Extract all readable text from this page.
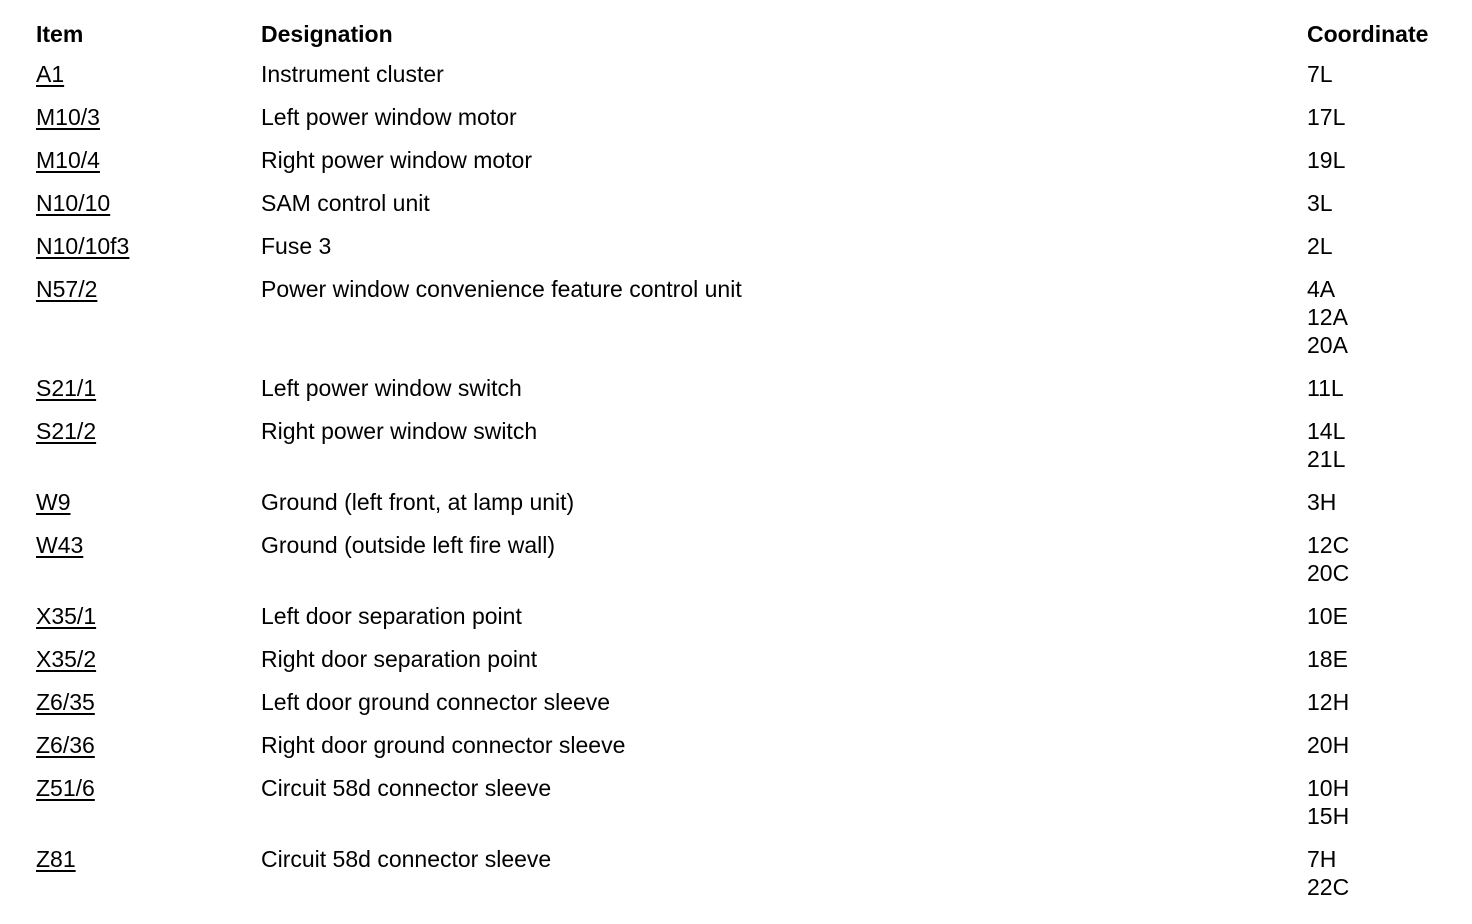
Item	Designation	Coordinate
A1	Instrument cluster	7L

M10/3	Left power window motor	17L

M10/4	Right power window motor	19L

N10/10	SAM control unit	3L

N10/10f3	Fuse 3	2L

N57/2	Power window convenience feature control unit	4A
12A
20A

S21/1	Left power window switch	11L

S21/2	Right power window switch	14L
21L

W9	Ground (left front, at lamp unit)	3H

W43	Ground (outside left fire wall)	12C
20C

X35/1	Left door separation point	10E

X35/2	Right door separation point	18E

Z6/35	Left door ground connector sleeve	12H

Z6/36	Right door ground connector sleeve	20H

Z51/6	Circuit 58d connector sleeve	10H
15H

Z81	Circuit 58d connector sleeve	7H
22C
